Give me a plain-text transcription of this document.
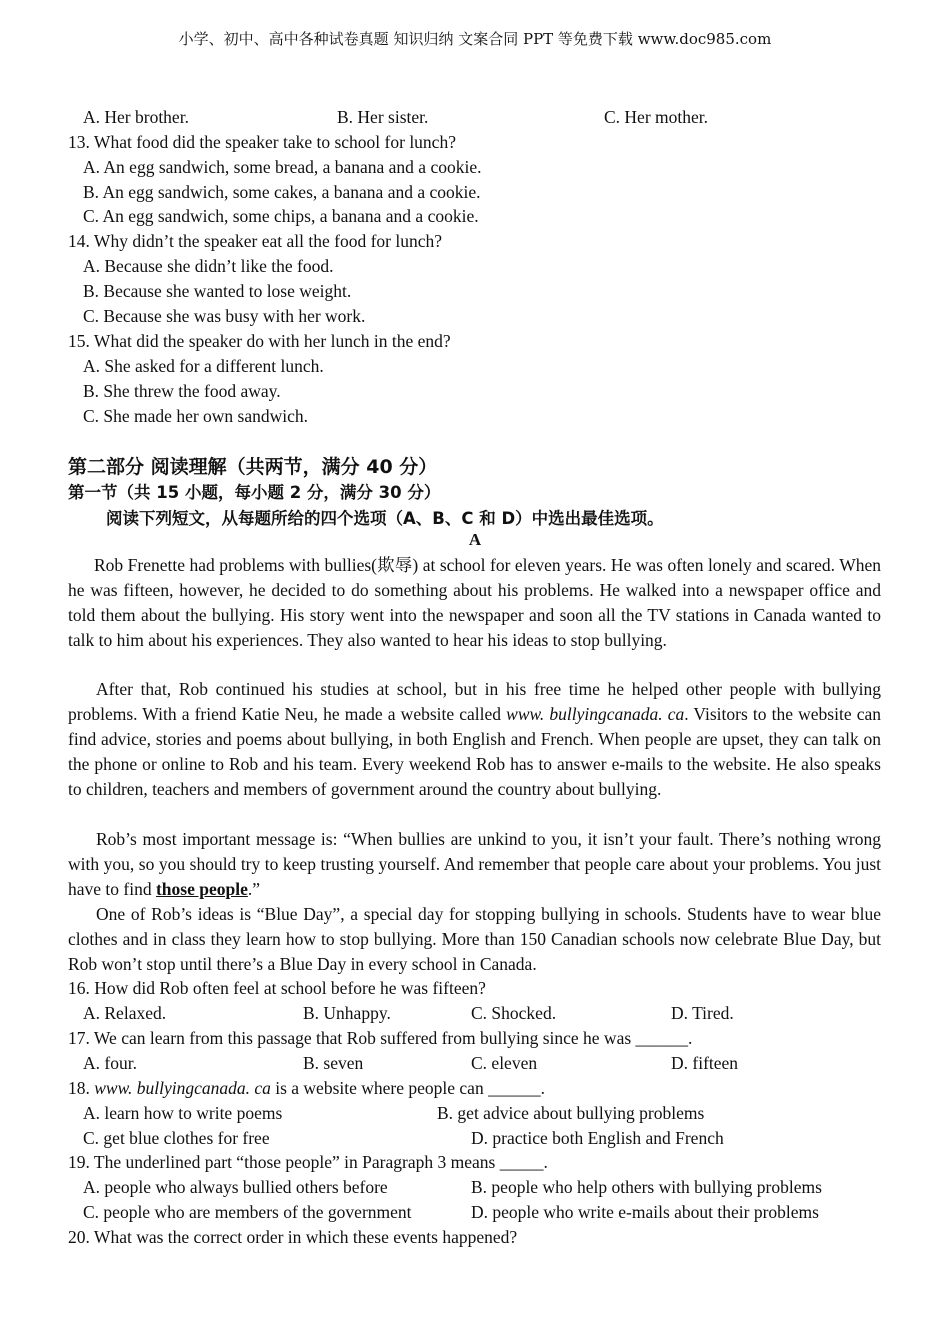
小学、初中、高中各种试卷真题 知识归纳 文案合同 PPT 等免费下载 www.doc985.com
A. Her brother.	B. Her sister.	C. Her mother.
13. What food did the speaker take to school for lunch?
A. An egg sandwich, some bread, a banana and a cookie.
B. An egg sandwich, some cakes, a banana and a cookie.
C. An egg sandwich, some chips, a banana and a cookie.
14. Why didn’t the speaker eat all the food for lunch?
A. Because she didn’t like the food.
B. Because she wanted to lose weight.
C. Because she was busy with her work.
15. What did the speaker do with her lunch in the end?
A. She asked for a different lunch.
B. She threw the food away.
C. She made her own sandwich.
第二部分 阅读理解（共两节，满分 40 分）
第一节（共 15 小题，每小题 2 分，满分 30 分）
阅读下列短文，从每题所给的四个选项（A、B、C 和 D）中选出最佳选项。
A
Rob Frenette had problems with bullies(欺辱) at school for eleven years. He was often lonely and scared. When he was fifteen, however, he decided to do something about his problems. He walked into a newspaper office and told them about the bullying. His story went into the newspaper and soon all the TV stations in Canada wanted to talk to him about his experiences. They also wanted to hear his ideas to stop bullying.
After that, Rob continued his studies at school, but in his free time he helped other people with bullying problems. With a friend Katie Neu, he made a website called www. bullyingcanada. ca. Visitors to the website can find advice, stories and poems about bullying, in both English and French. When people are upset, they can talk on the phone or online to Rob and his team. Every weekend Rob has to answer e-mails to the website. He also speaks to children, teachers and members of government around the country about bullying.
Rob’s most important message is: “When bullies are unkind to you, it isn’t your fault. There’s nothing wrong with you, so you should try to keep trusting yourself. And remember that people care about your problems. You just have to find those people.”
One of Rob’s ideas is “Blue Day”, a special day for stopping bullying in schools. Students have to wear blue clothes and in class they learn how to stop bullying. More than 150 Canadian schools now celebrate Blue Day, but Rob won’t stop until there’s a Blue Day in every school in Canada.
16. How did Rob often feel at school before he was fifteen?
A. Relaxed.	B. Unhappy.	C. Shocked.	D. Tired.
17. We can learn from this passage that Rob suffered from bullying since he was ______.
A. four.	B. seven	C. eleven	D. fifteen
18. www. bullyingcanada. ca is a website where people can ______.
A. learn how to write poems	B. get advice about bullying problems
C. get blue clothes for free	D. practice both English and French
19. The underlined part “those people” in Paragraph 3 means _____.
A. people who always bullied others before	B. people who help others with bullying problems
C. people who are members of the government	D. people who write e-mails about their problems
20. What was the correct order in which these events happened?
